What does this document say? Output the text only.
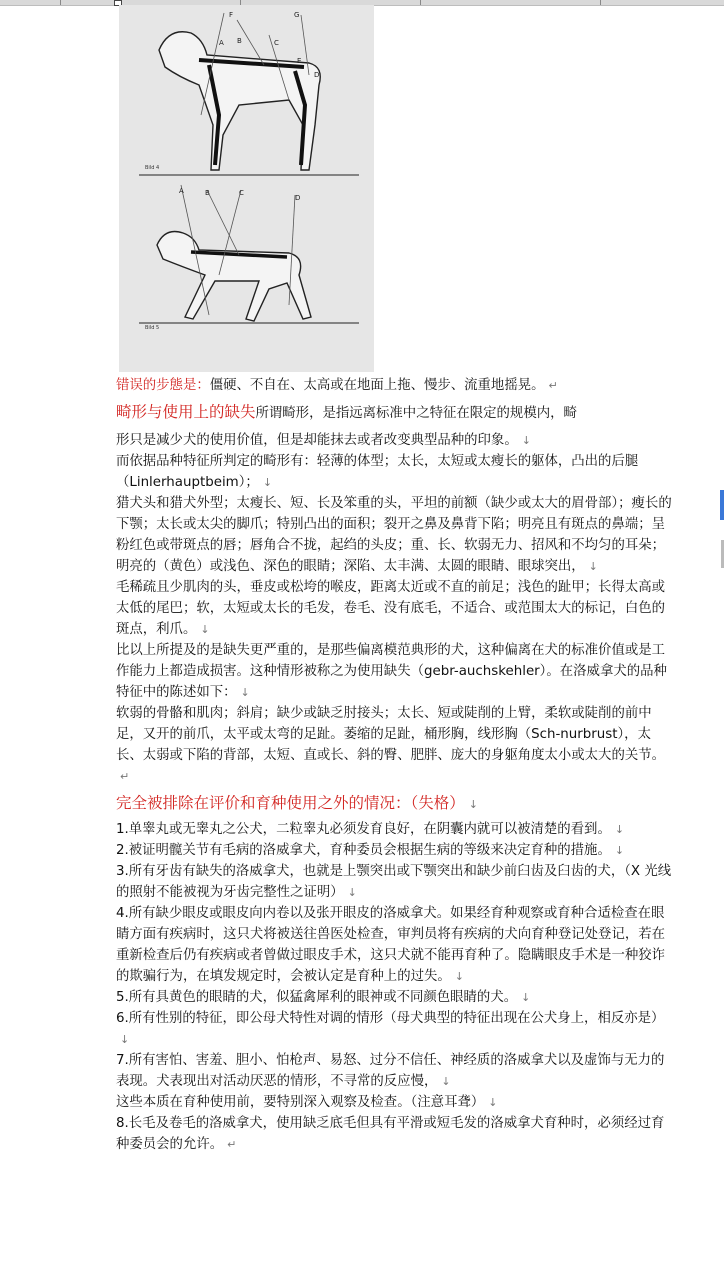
F
A B	C
G
E
D
A	B	C
D
Bild 4
Bild 5

错误的步態是：僵硬、不自在、太高或在地面上拖、慢步、流重地摇晃。 ↵

畸形与使用上的缺失所谓畸形，是指远离标准中之特征在限定的规模内，畸

形只是减少犬的使用价值，但是却能抹去或者改变典型品种的印象。 ↓

而依据品种特征所判定的畸形有：轻薄的体型；太长，太短或太瘦长的躯体，凸出的后腿（Linlerhauptbeim）； ↓

猎犬头和猎犬外型；太瘦长、短、长及笨重的头，平坦的前额（缺少或太大的眉骨部）；瘦长的下颚；太长或太尖的脚爪；特别凸出的面积；裂开之鼻及鼻背下陷；明亮且有斑点的鼻端；呈粉红色或带斑点的唇；唇角合不拢，起绉的头皮；重、长、软弱无力、招风和不均匀的耳朵；明亮的（黄色）或浅色、深色的眼睛；深陷、太丰满、太圆的眼睛、眼球突出， ↓

毛稀疏且少肌肉的头，垂皮或松垮的喉皮，距离太近或不直的前足；浅色的趾甲；长得太高或太低的尾巴；软，太短或太长的毛发，卷毛、没有底毛，不适合、或范围太大的标记，白色的斑点，利爪。 ↓

比以上所提及的是缺失更严重的，是那些偏离模范典形的犬，这种偏离在犬的标准价值或是工作能力上都造成损害。这种情形被称之为使用缺失（gebr-auchskehler）。在洛威拿犬的品种特征中的陈述如下： ↓

软弱的骨骼和肌肉；斜肩；缺少或缺乏肘接头；太长、短或陡削的上臂，柔软或陡削的前中足，又开的前爪，太平或太弯的足趾。萎缩的足趾，桶形胸，线形胸（Sch-nurbrust），太长、太弱或下陷的背部，太短、直或长、斜的臀、肥胖、庞大的身躯角度太小或太大的关节。↵

完全被排除在评价和育种使用之外的情况：（失格） ↓

1.单睾丸或无睾丸之公犬，二粒睾丸必须发育良好，在阴囊内就可以被清楚的看到。 ↓

2.被证明髋关节有毛病的洛威拿犬，育种委员会根据生病的等级来决定育种的措施。 ↓

3.所有牙齿有缺失的洛威拿犬，也就是上颚突出或下颚突出和缺少前臼齿及臼齿的犬，（X 光线的照射不能被视为牙齿完整性之证明） ↓

4.所有缺少眼皮或眼皮向内卷以及张开眼皮的洛威拿犬。如果经育种观察或育种合适检查在眼睛方面有疾病时，这只犬将被送往兽医处检查，审判员将有疾病的犬向育种登记处登记，若在重新检查后仍有疾病或者曾做过眼皮手术，这只犬就不能再育种了。隐瞒眼皮手术是一种狡诈的欺骗行为，在填发规定时，会被认定是育种上的过失。 ↓

5.所有具黄色的眼睛的犬，似猛禽犀利的眼神或不同颜色眼睛的犬。 ↓

6.所有性别的特征，即公母犬特性对调的情形（母犬典型的特征出现在公犬身上，相反亦是）↓

7.所有害怕、害羞、胆小、怕枪声、易怒、过分不信任、神经质的洛威拿犬以及虚饰与无力的表现。犬表现出对活动厌恶的情形，不寻常的反应慢， ↓

这些本质在育种使用前，要特别深入观察及检查。（注意耳聋） ↓

8.长毛及卷毛的洛威拿犬，使用缺乏底毛但具有平滑或短毛发的洛威拿犬育种时，必须经过育种委员会的允许。 ↵
